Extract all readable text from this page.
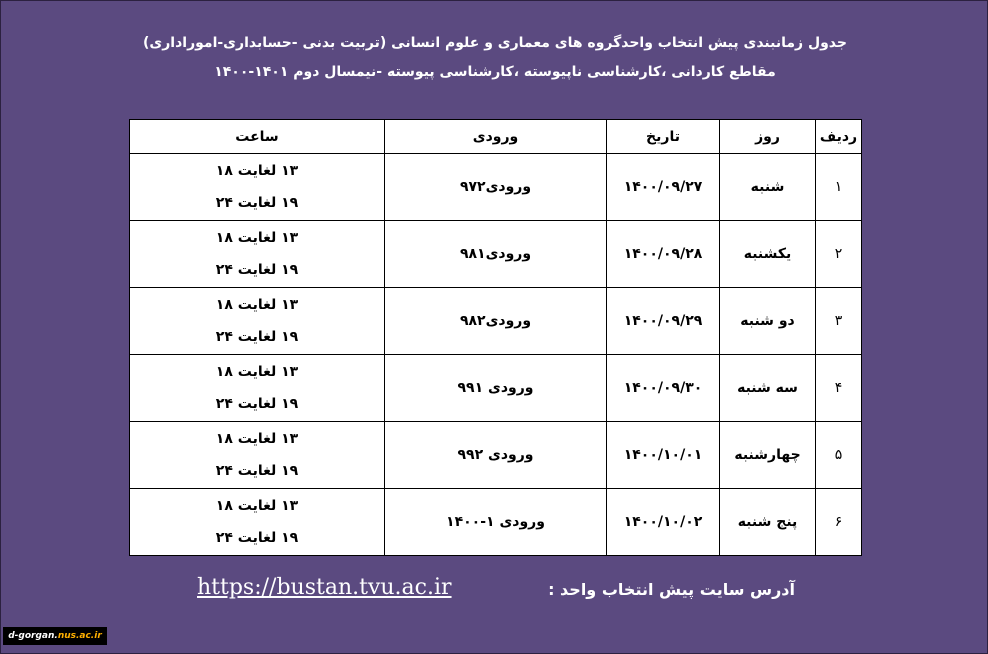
جدول زمانبندی پیش انتخاب واحدگروه های معماری و علوم انسانی (تربیت بدنی -حسابداری-اموراداری)
مقاطع کاردانی ،کارشناسی ناپیوسته ،کارشناسی پیوسته -نیمسال دوم ۱۴۰۱-۱۴۰۰
ردیف	روز	تاریخ	ورودی	ساعت
۱	شنبه	۱۴۰۰/۰۹/۲۷	ورودی۹۷۲	۱۳ لغایت ۱۸
۱۹ لغایت ۲۴

۲	یکشنبه	۱۴۰۰/۰۹/۲۸	ورودی۹۸۱	۱۳ لغایت ۱۸
۱۹ لغایت ۲۴

۳	دو شنبه	۱۴۰۰/۰۹/۲۹	ورودی۹۸۲	۱۳ لغایت ۱۸
۱۹ لغایت ۲۴

۴	سه شنبه	۱۴۰۰/۰۹/۳۰	ورودی ۹۹۱	۱۳ لغایت ۱۸
۱۹ لغایت ۲۴

۵	چهارشنبه	۱۴۰۰/۱۰/۰۱	ورودی ۹۹۲	۱۳ لغایت ۱۸
۱۹ لغایت ۲۴

۶	پنج شنبه	۱۴۰۰/۱۰/۰۲	ورودی ۱-۱۴۰۰	۱۳ لغایت ۱۸
۱۹ لغایت ۲۴
آدرس سایت پیش انتخاب واحد :
https://bustan.tvu.ac.ir
d-gorgan.nus.ac.ir
